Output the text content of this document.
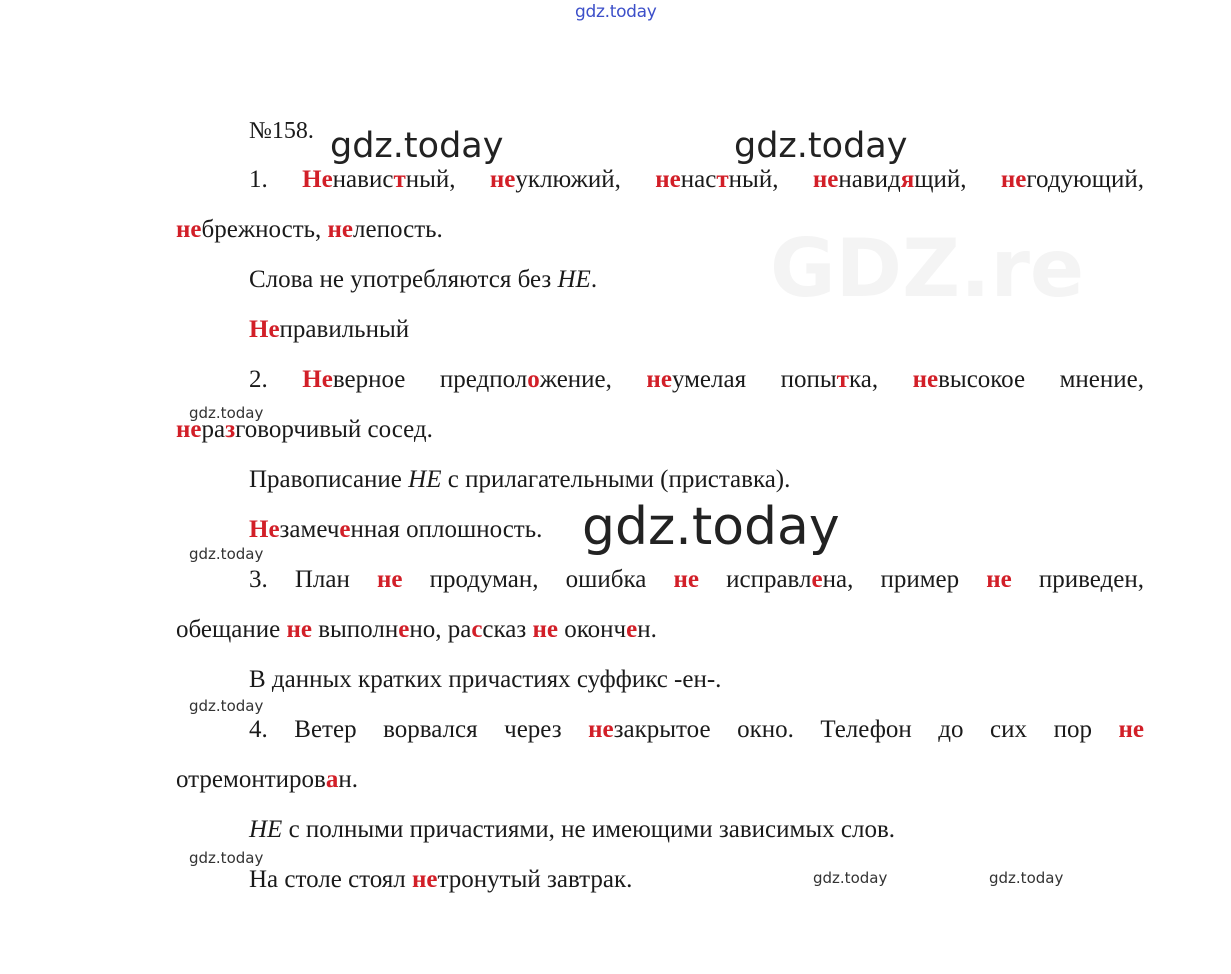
GDZ.re
gdz.today
gdz.today	gdz.today
gdz.today
gdz.today
gdz.today
gdz.today
gdz.today
gdz.today	gdz.today
№158.
1. Ненавистный, неуклюжий, ненастный, ненавидящий, негодующий,
небрежность, нелепость.
Слова не употребляются без НЕ.
Неправильный
2. Неверное предположение, неумелая попытка, невысокое мнение,
неразговорчивый сосед.
Правописание НЕ с прилагательными (приставка).
Незамеченная оплошность.
3. План не продуман, ошибка не исправлена, пример не приведен,
обещание не выполнено, рассказ не окончен.
В данных кратких причастиях суффикс -ен-.
4. Ветер ворвался через незакрытое окно. Телефон до сих пор не
отремонтирован.
НЕ с полными причастиями, не имеющими зависимых слов.
На столе стоял нетронутый завтрак.
